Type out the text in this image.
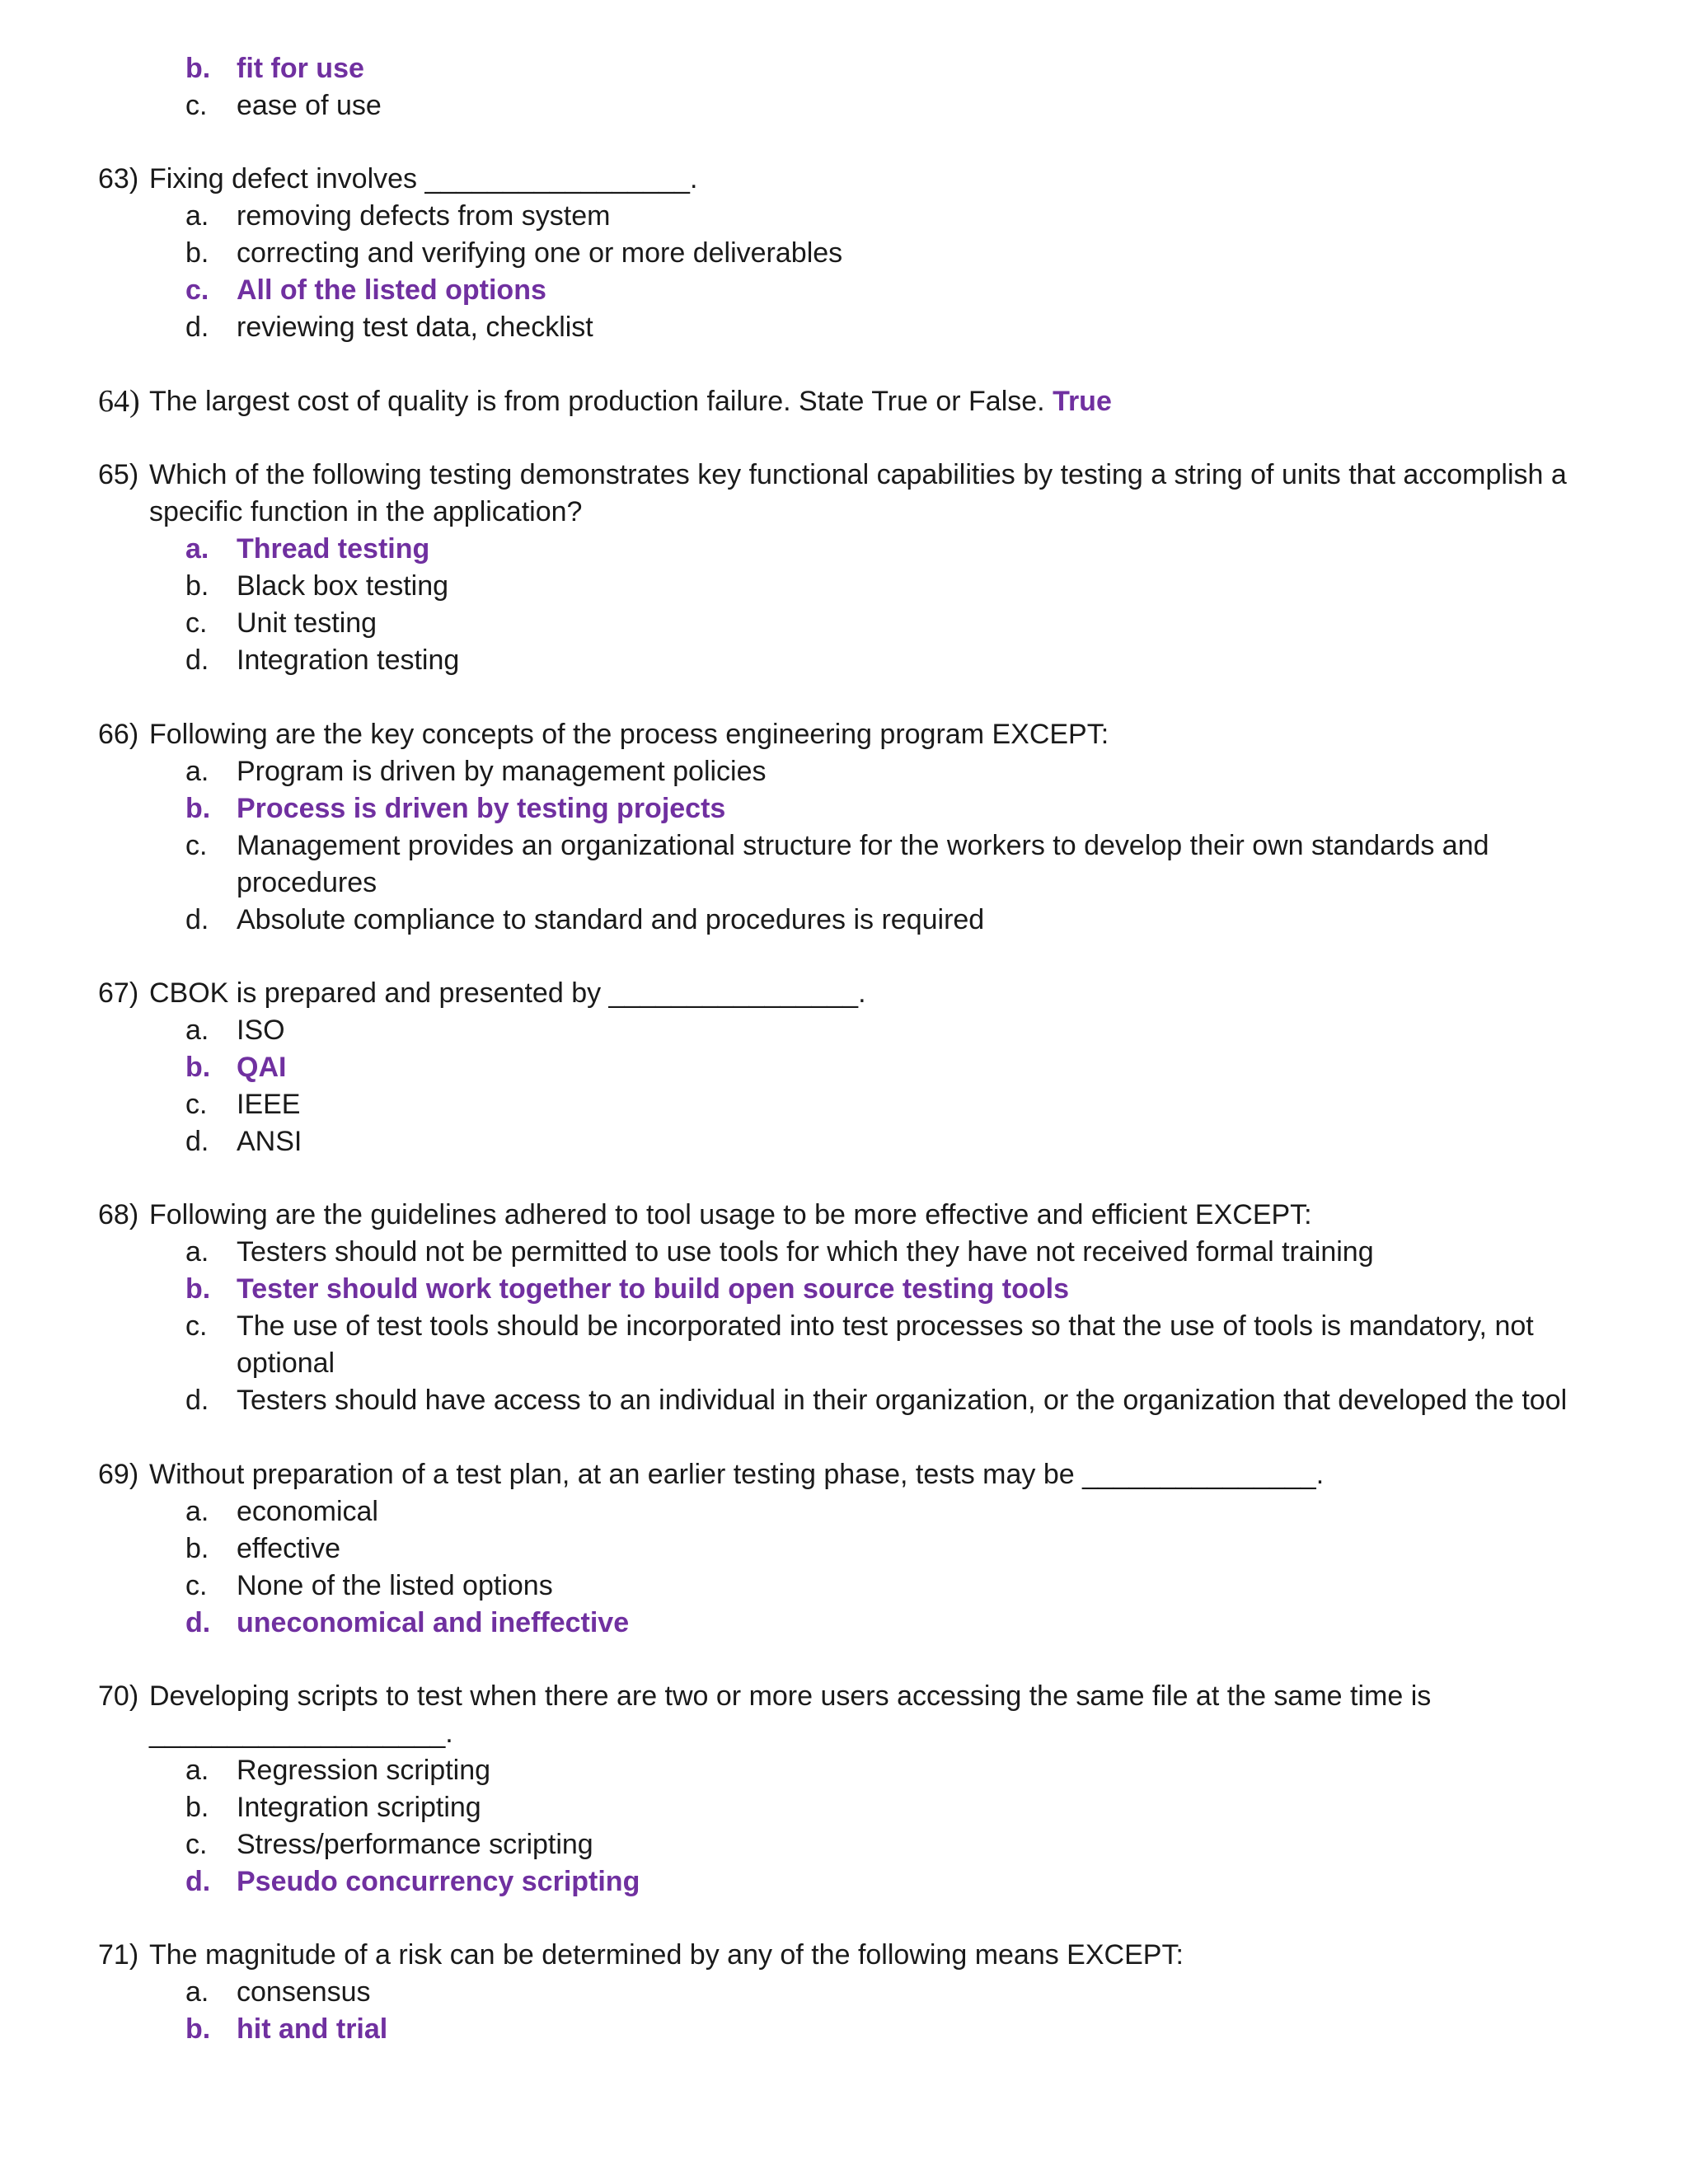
b. fit for use
c.	ease of use
63) Fixing defect involves _________________.
a. removing defects from system
b. correcting and verifying one or more deliverables
c. All of the listed options
d. reviewing test data, checklist
64) The largest cost of quality is from production failure. State True or False. True
65) Which of the following testing demonstrates key functional capabilities by testing a string of units that accomplish a
specific function in the application?
a. Thread testing
b. Black box testing
c.	Unit testing
d. Integration testing
66) Following are the key concepts of the process engineering program EXCEPT:
a. Program is driven by management policies
b. Process is driven by testing projects
c.	Management provides an organizational structure for the workers to develop their own standards and
procedures
d. Absolute compliance to standard and procedures is required
67) CBOK is prepared and presented by ________________.
a. ISO
b. QAI
c.	IEEE
d. ANSI
68) Following are the guidelines adhered to tool usage to be more effective and efficient EXCEPT:
a. Testers should not be permitted to use tools for which they have not received formal training
b. Tester should work together to build open source testing tools
c.	The use of test tools should be incorporated into test processes so that the use of tools is mandatory, not
optional
d. Testers should have access to an individual in their organization, or the organization that developed the tool
69) Without preparation of a test plan, at an earlier testing phase, tests may be _______________.
a. economical
b. effective
c.	None of the listed options
d. uneconomical and ineffective
70) Developing scripts to test when there are two or more users accessing the same file at the same time is
___________________.
a. Regression scripting
b. Integration scripting
c.	Stress/performance scripting
d. Pseudo concurrency scripting
71) The magnitude of a risk can be determined by any of the following means EXCEPT:
a. consensus
b. hit and trial
